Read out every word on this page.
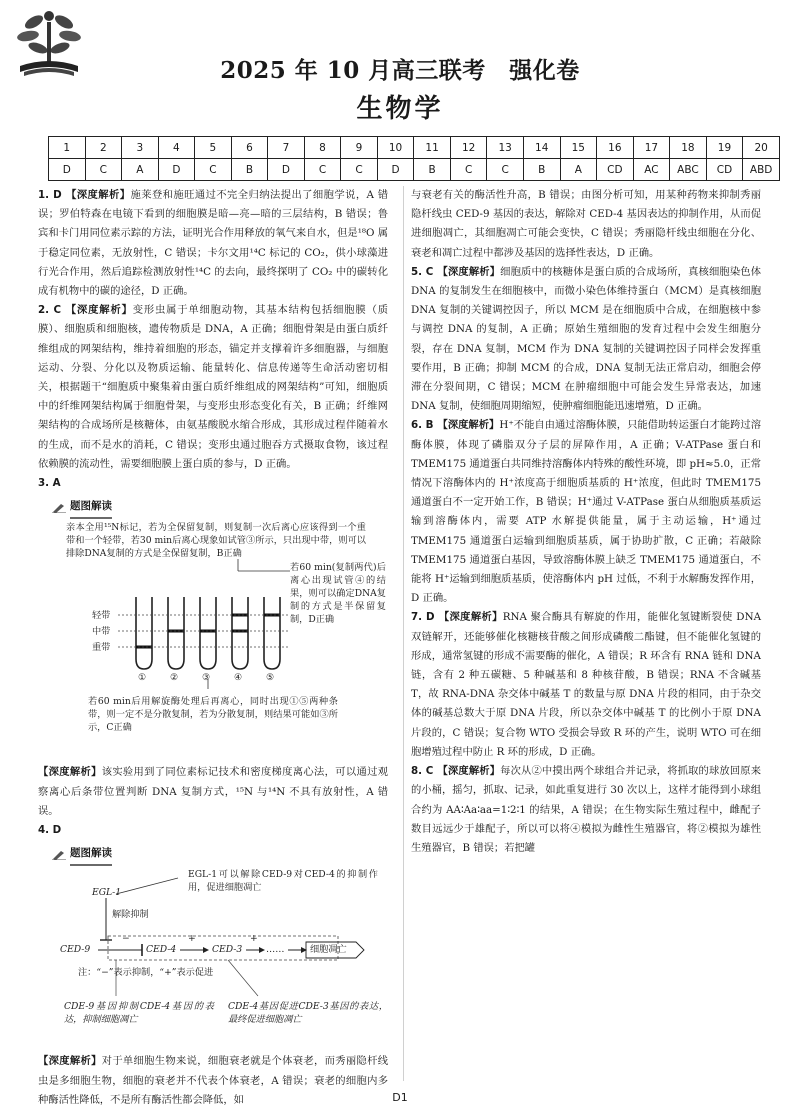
2025 年 10 月高三联考　强化卷
生物学
1	2	3	4	5	6	7	8	9	10	11	12	13	14	15	16	17	18	19	20
D	C	A	D	C	B	D	C	C	D	B	C	C	B	A	CD	AC	ABC	CD	ABD

1. D 【深度解析】施莱登和施旺通过不完全归纳法提出了细胞学说，A 错误；罗伯特森在电镜下看到的细胞膜是暗—亮—暗的三层结构，B 错误；鲁宾和卡门用同位素示踪的方法，证明光合作用释放的氧气来自水，但是¹⁸O 属于稳定同位素，无放射性，C 错误；卡尔文用¹⁴C 标记的 CO₂，供小球藻进行光合作用，然后追踪检测放射性¹⁴C 的去向，最终探明了 CO₂ 中的碳转化成有机物中的碳的途径，D 正确。

2. C 【深度解析】变形虫属于单细胞动物，其基本结构包括细胞膜（质膜）、细胞质和细胞核，遗传物质是 DNA，A 正确；细胞骨架是由蛋白质纤维组成的网架结构，维持着细胞的形态，锚定并支撑着许多细胞器，与细胞运动、分裂、分化以及物质运输、能量转化、信息传递等生命活动密切相关，根据题干“细胞质中聚集着由蛋白质纤维组成的网架结构”可知，细胞质中的纤维网架结构属于细胞骨架，与变形虫形态变化有关，B 正确；纤维网架结构的合成场所是核糖体，由氨基酸脱水缩合形成，其形成过程伴随着水的生成，而不是水的消耗，C 错误；变形虫通过胞吞方式摄取食物，该过程依赖膜的流动性，需要细胞膜上蛋白质的参与，D 正确。

3. A

题图解读
亲本全用¹⁵N标记，若为全保留复制，则复制一次后离心应该得到一个重带和一个轻带，若30 min后离心现象如试管③所示，只出现中带，则可以排除DNA复制的方式是全保留复制，B正确
轻带
中带
重带
①	②	③	④	⑤
若60 min(复制两代)后离心出现试管④的结果，则可以确定DNA复制的方式是半保留复制，D正确
若60 min后用解旋酶处理后再离心，同时出现①⑤两种条带，则一定不是分散复制，若为分散复制，则结果可能如③所示，C正确

【深度解析】该实验用到了同位素标记技术和密度梯度离心法，可以通过观察离心后条带位置判断 DNA 复制方式，¹⁵N 与¹⁴N 不具有放射性，A 错误。

4. D

题图解读
EGL-1可以解除CED-9对CED-4的抑制作用，促进细胞凋亡
EGL-1
解除抑制
CED-9
−
CED-4
+
CED-3
+
……	细胞凋亡
注：“−”表示抑制，“+”表示促进
CDE-9基因抑制CDE-4基因的表达，抑制细胞凋亡
CDE-4基因促进CDE-3基因的表达，最终促进细胞凋亡

【深度解析】对于单细胞生物来说，细胞衰老就是个体衰老，而秀丽隐杆线虫是多细胞生物，细胞的衰老并不代表个体衰老，A 错误；衰老的细胞内多种酶活性降低，不是所有酶活性都会降低，如

与衰老有关的酶活性升高，B 错误；由图分析可知，用某种药物来抑制秀丽隐杆线虫 CED-9 基因的表达，解除对 CED-4 基因表达的抑制作用，从而促进细胞凋亡，其细胞凋亡可能会变快，C 错误；秀丽隐杆线虫细胞在分化、衰老和凋亡过程中都涉及基因的选择性表达，D 正确。

5. C 【深度解析】细胞质中的核糖体是蛋白质的合成场所，真核细胞染色体 DNA 的复制发生在细胞核中，而微小染色体维持蛋白（MCM）是真核细胞 DNA 复制的关键调控因子，所以 MCM 是在细胞质中合成，在细胞核中参与调控 DNA 的复制，A 正确；原始生殖细胞的发育过程中会发生细胞分裂，存在 DNA 复制，MCM 作为 DNA 复制的关键调控因子同样会发挥重要作用，B 正确；抑制 MCM 的合成，DNA 复制无法正常启动，细胞会停滞在分裂间期，C 错误；MCM 在肿瘤细胞中可能会发生异常表达，加速 DNA 复制，使细胞周期缩短，使肿瘤细胞能迅速增殖，D 正确。

6. B 【深度解析】H⁺不能自由通过溶酶体膜，只能借助转运蛋白才能跨过溶酶体膜，体现了磷脂双分子层的屏障作用，A 正确；V-ATPase 蛋白和 TMEM175 通道蛋白共同维持溶酶体内特殊的酸性环境，即 pH≈5.0，正常情况下溶酶体内的 H⁺浓度高于细胞质基质的 H⁺浓度，但此时 TMEM175 通道蛋白不一定开始工作，B 错误；H⁺通过 V-ATPase 蛋白从细胞质基质运输到溶酶体内，需要 ATP 水解提供能量，属于主动运输，H⁺通过 TMEM175 通道蛋白运输到细胞质基质，属于协助扩散，C 正确；若敲除 TMEM175 通道蛋白基因，导致溶酶体膜上缺乏 TMEM175 通道蛋白，不能将 H⁺运输到细胞质基质，使溶酶体内 pH 过低，不利于水解酶发挥作用，D 正确。

7. D 【深度解析】RNA 聚合酶具有解旋的作用，能催化氢键断裂使 DNA 双链解开，还能够催化核糖核苷酸之间形成磷酸二酯键，但不能催化氢键的形成，通常氢键的形成不需要酶的催化，A 错误；R 环含有 RNA 链和 DNA 链，含有 2 种五碳糖、5 种碱基和 8 种核苷酸，B 错误；RNA 不含碱基 T，故 RNA-DNA 杂交体中碱基 T 的数量与原 DNA 片段的相同，由于杂交体的碱基总数大于原 DNA 片段，所以杂交体中碱基 T 的比例小于原 DNA 片段的，C 错误；复合物 WTO 受损会导致 R 环的产生，说明 WTO 可在细胞增殖过程中防止 R 环的形成，D 正确。

8. C 【深度解析】每次从②中摸出两个球组合并记录，将抓取的球放回原来的小桶，摇匀，抓取、记录，如此重复进行 30 次以上，这样才能得到小球组合约为 AA∶Aa∶aa=1∶2∶1 的结果，A 错误；在生物实际生殖过程中，雌配子数目远远少于雄配子，所以可以将④模拟为雌性生殖器官，将②模拟为雄性生殖器官，B 错误；若把罐

D1
